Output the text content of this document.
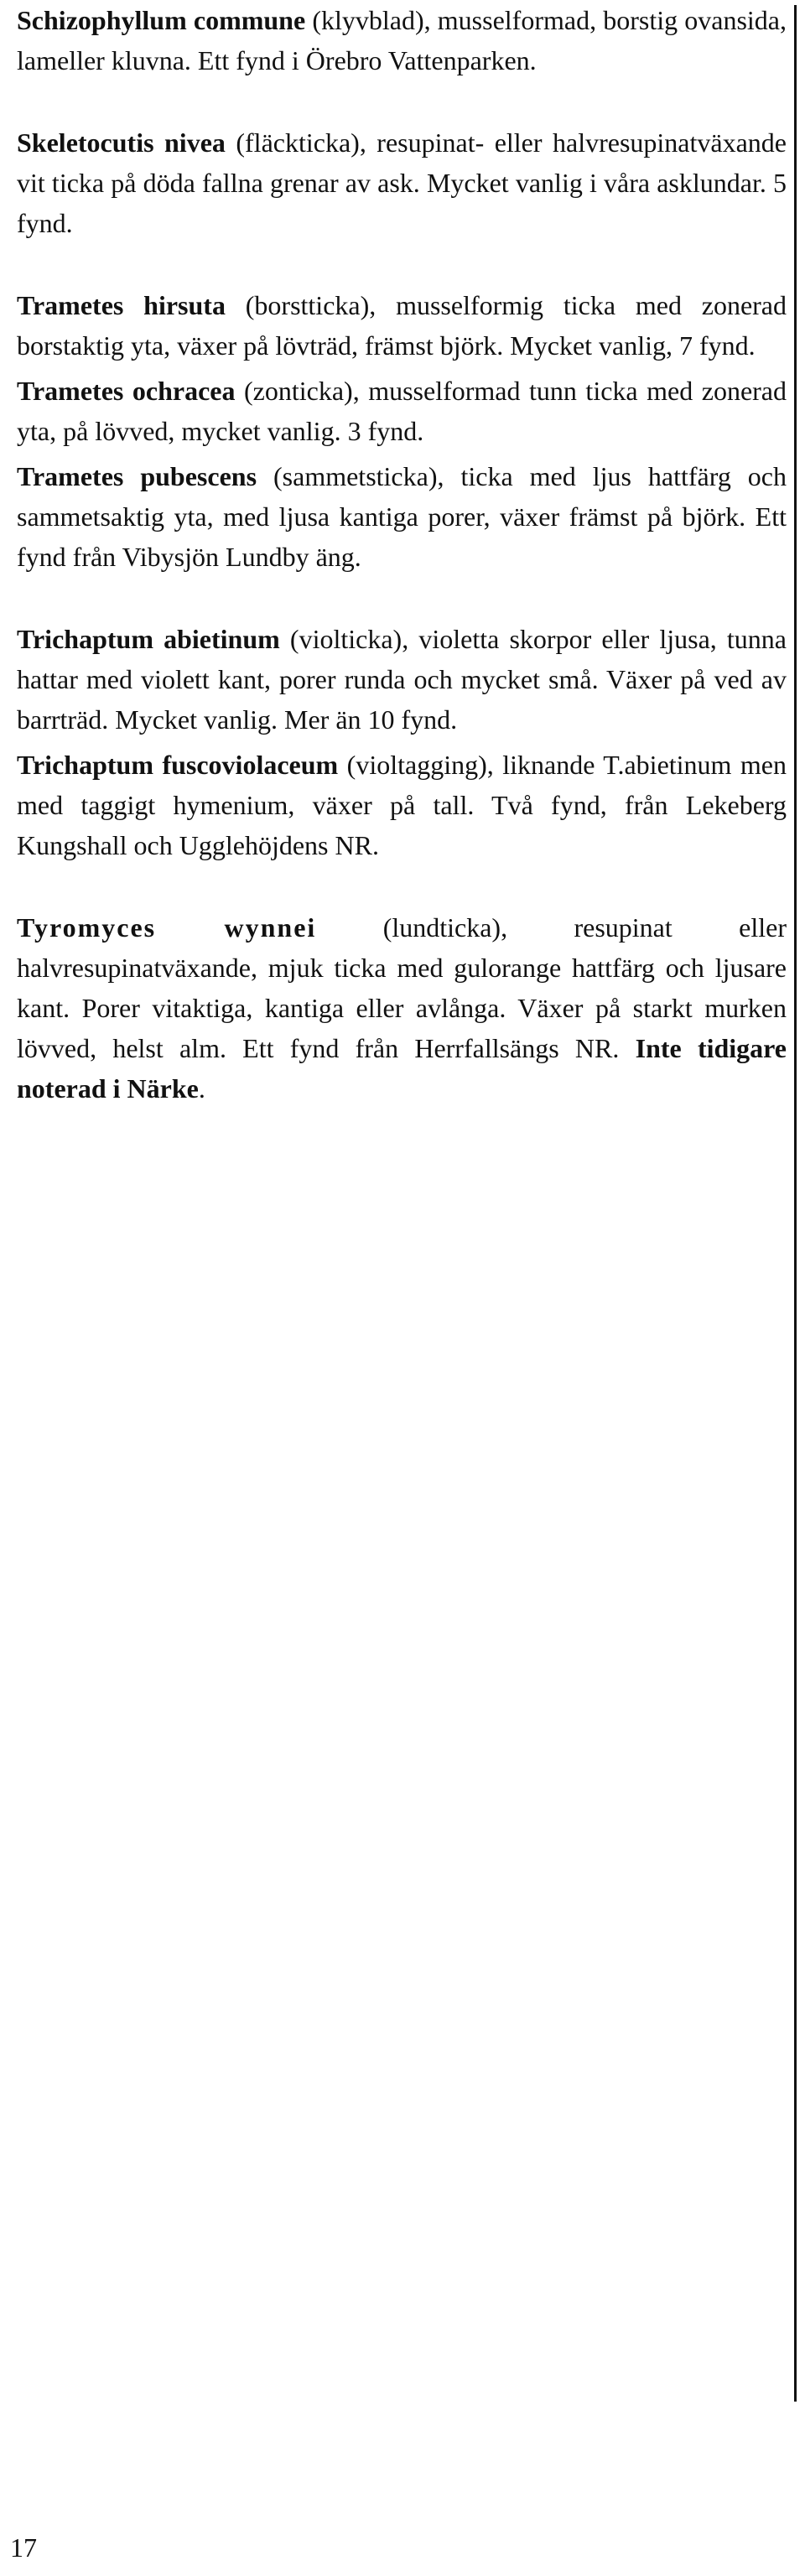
Schizophyllum commune (klyvblad), musselformad, borstig ovansida, lameller kluvna. Ett fynd i Örebro Vattenparken.

Skeletocutis nivea (fläckticka), resupinat- eller halvresupinatväxande vit ticka på döda fallna grenar av ask. Mycket vanlig i våra asklundar. 5 fynd.

Trametes hirsuta (borstticka), musselformig ticka med zonerad borstaktig yta, växer på lövträd, främst björk. Mycket vanlig, 7 fynd.

Trametes ochracea (zonticka), musselformad tunn ticka med zonerad yta, på lövved, mycket vanlig. 3 fynd.

Trametes pubescens (sammetsticka), ticka med ljus hattfärg och sammetsaktig yta, med ljusa kantiga porer, växer främst på björk. Ett fynd från Vibysjön Lundby äng.

Trichaptum abietinum (violticka), violetta skorpor eller ljusa, tunna hattar med violett kant, porer runda och mycket små. Växer på ved av barrträd. Mycket vanlig. Mer än 10 fynd.

Trichaptum fuscoviolaceum (violtagging), liknande T.abietinum men med taggigt hymenium, växer på tall. Två fynd, från Lekeberg Kungshall och Ugglehöjdens NR.

Tyromyces wynnei (lundticka), resupinat eller halvresupinatväxande, mjuk ticka med gulorange hattfärg och ljusare kant. Porer vitaktiga, kantiga eller avlånga. Växer på starkt murken lövved, helst alm. Ett fynd från Herrfallsängs NR. Inte tidigare noterad i Närke.

17
